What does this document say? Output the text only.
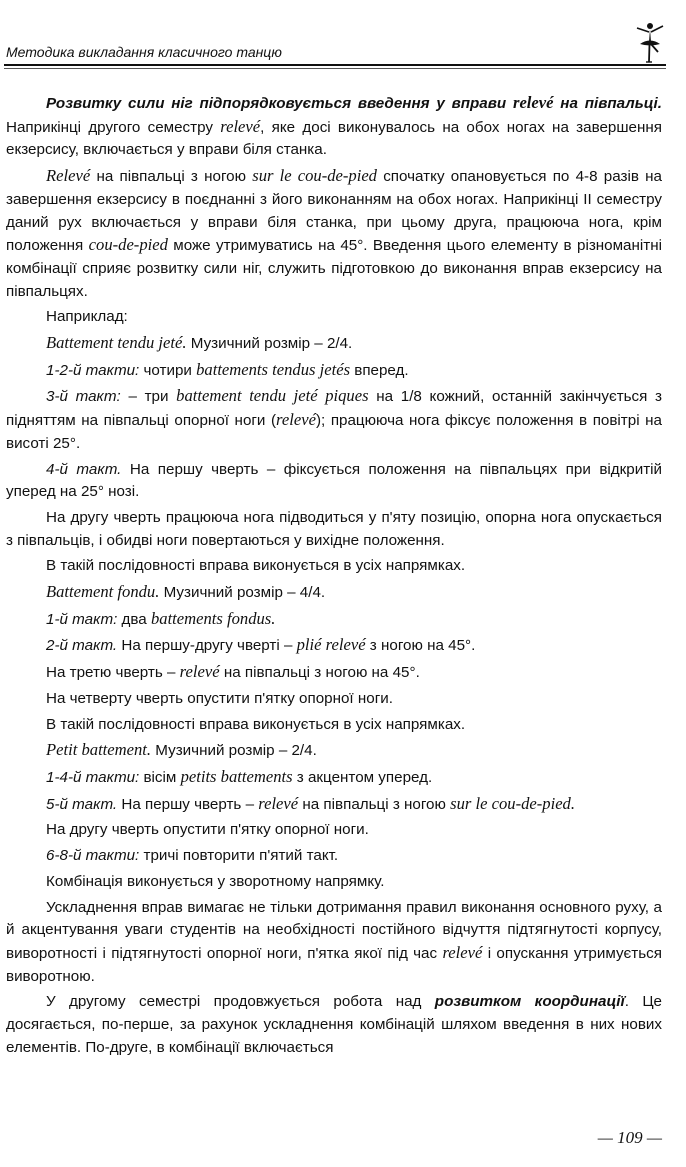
Методика викладання класичного танцю

Розвитку сили ніг підпорядковується введення у вправи relevé на півпальці. Наприкінці другого семестру relevé, яке досі виконувалось на обох ногах на завершення екзерсису, включається у вправи біля станка.

Relevé на півпальці з ногою sur le cou-de-pied спочатку опановується по 4-8 разів на завершення екзерсису в поєднанні з його виконанням на обох ногах. Наприкінці II семестру даний рух включається у вправи біля станка, при цьому друга, працююча нога, крім положення cou-de-pied може утримуватись на 45°. Введення цього елементу в різноманітні комбінації сприяє розвитку сили ніг, служить підготовкою до виконання вправ екзерсису на півпальцях.

Наприклад:

Battement tendu jeté. Музичний розмір – 2/4.

1-2-й такти: чотири battements tendus jetés вперед.

3-й такт: – три battement tendu jeté piques на 1/8 кожний, останній закінчується з підняттям на півпальці опорної ноги (relevé); працююча нога фіксує положення в повітрі на висоті 25°.

4-й такт. На першу чверть – фіксується положення на півпальцях при відкритій уперед на 25° нозі.

На другу чверть працююча нога підводиться у п'яту позицію, опорна нога опускається з півпальців, і обидві ноги повертаються у вихідне положення.

В такій послідовності вправа виконується в усіх напрямках.

Battement fondu. Музичний розмір – 4/4.

1-й такт: два battements fondus.

2-й такт. На першу-другу чверті – plié relevé з ногою на 45°.

На третю чверть – relevé на півпальці з ногою на 45°.

На четверту чверть опустити п'ятку опорної ноги.

В такій послідовності вправа виконується в усіх напрямках.

Petit battement. Музичний розмір – 2/4.

1-4-й такти: вісім petits battements з акцентом уперед.

5-й такт. На першу чверть – relevé на півпальці з ногою sur le cou-de-pied.

На другу чверть опустити п'ятку опорної ноги.

6-8-й такти: тричі повторити п'ятий такт.

Комбінація виконується у зворотному напрямку.

Ускладнення вправ вимагає не тільки дотримання правил виконання основного руху, а й акцентування уваги студентів на необхідності постійного відчуття підтягнутості корпусу, виворотності і підтягнутості опорної ноги, п'ятка якої під час relevé і опускання утримується виворотною.

У другому семестрі продовжується робота над розвитком координації. Це досягається, по-перше, за рахунок ускладнення комбінацій шляхом введення в них нових елементів. По-друге, в комбінації включається

— 109 —
